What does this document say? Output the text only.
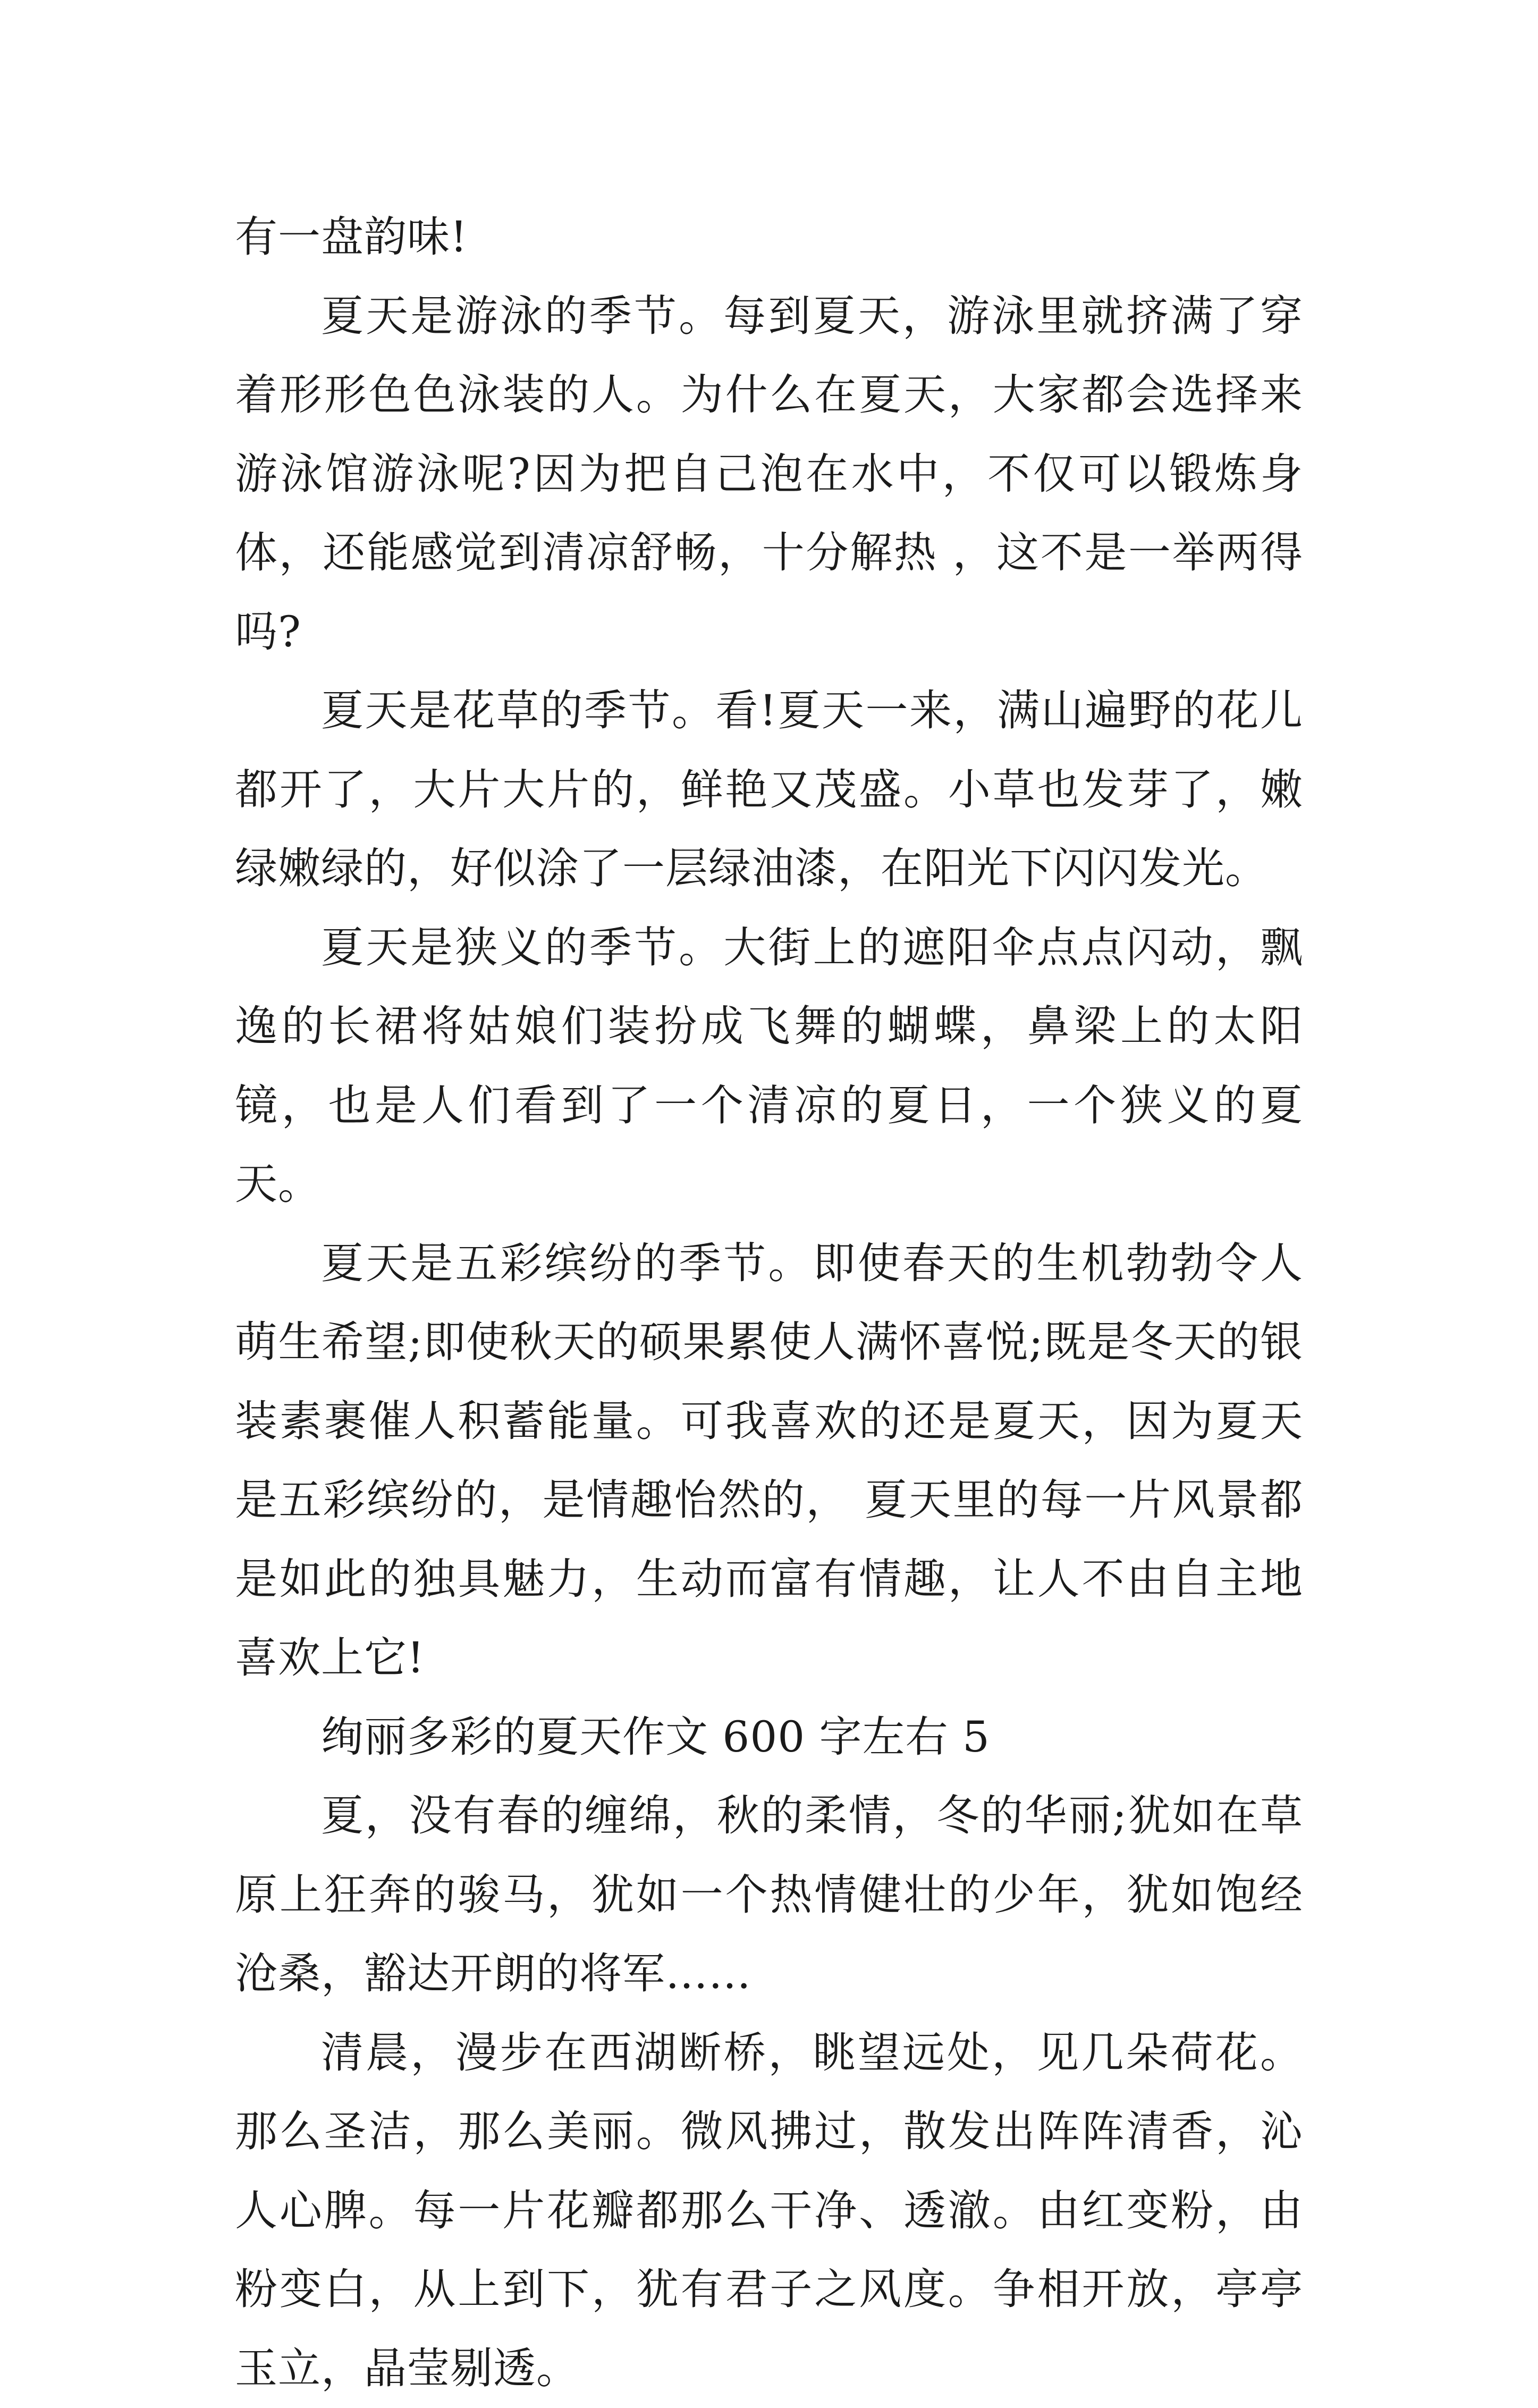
有一盘韵味!

夏天是游泳的季节。每到夏天，游泳里就挤满了穿着形形色色泳装的人。为什么在夏天，大家都会选择来游泳馆游泳呢?因为把自己泡在水中，不仅可以锻炼身体，还能感觉到清凉舒畅，十分解热 ，这不是一举两得吗?

夏天是花草的季节。看!夏天一来，满山遍野的花儿都开了，大片大片的，鲜艳又茂盛。小草也发芽了，嫩绿嫩绿的，好似涂了一层绿油漆，在阳光下闪闪发光。

夏天是狭义的季节。大街上的遮阳伞点点闪动，飘逸的长裙将姑娘们装扮成飞舞的蝴蝶，鼻梁上的太阳镜，也是人们看到了一个清凉的夏日，一个狭义的夏天。

夏天是五彩缤纷的季节。即使春天的生机勃勃令人萌生希望;即使秋天的硕果累使人满怀喜悦;既是冬天的银装素裹催人积蓄能量。可我喜欢的还是夏天，因为夏天是五彩缤纷的，是情趣怡然的， 夏天里的每一片风景都是如此的独具魅力，生动而富有情趣，让人不由自主地喜欢上它!

绚丽多彩的夏天作文 600 字左右 5

夏，没有春的缠绵，秋的柔情，冬的华丽;犹如在草原上狂奔的骏马，犹如一个热情健壮的少年，犹如饱经沧桑，豁达开朗的将军……

清晨，漫步在西湖断桥，眺望远处，见几朵荷花。那么圣洁，那么美丽。微风拂过，散发出阵阵清香，沁人心脾。每一片花瓣都那么干净、透澈。由红变粉，由粉变白，从上到下，犹有君子之风度。争相开放，亭亭玉立，晶莹剔透。
